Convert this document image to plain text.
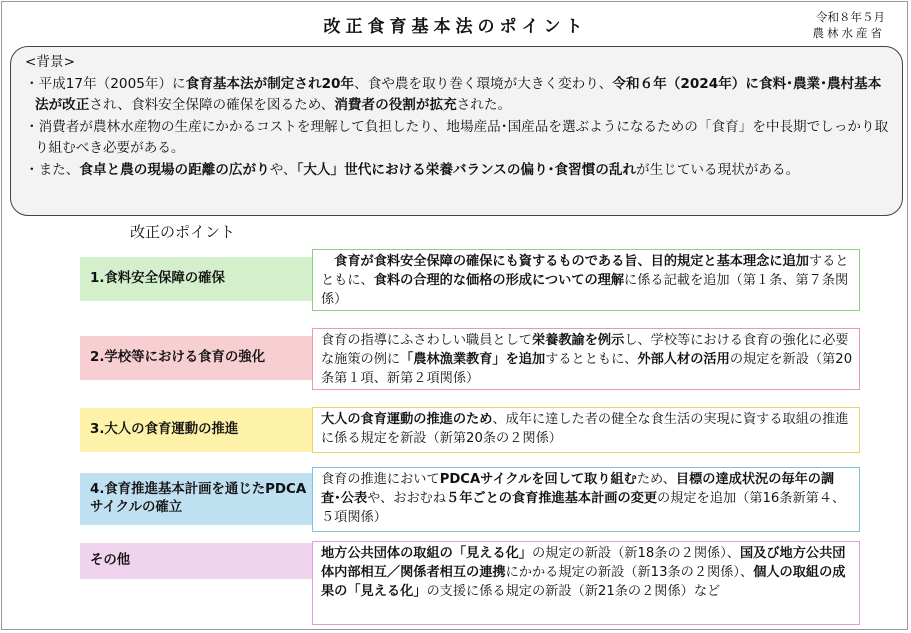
改正食育基本法のポイント	令和８年５月
農林水産省
<背景>
・平成17年（2005年）に食育基本法が制定され20年、食や農を取り巻く環境が大きく変わり、令和６年（2024年）に食料･農業･農村基本法が改正され、食料安全保障の確保を図るため、消費者の役割が拡充された。
・消費者が農林水産物の生産にかかるコストを理解して負担したり、地場産品･国産品を選ぶようになるための「食育」を中長期でしっかり取り組むべき必要がある。
・また、食卓と農の現場の距離の広がりや、「大人」世代における栄養バランスの偏り･食習慣の乱れが生じている現状がある。
改正のポイント
1.食料安全保障の確保
　食育が食料安全保障の確保にも資するものである旨、目的規定と基本理念に追加するとともに、食料の合理的な価格の形成についての理解に係る記載を追加（第１条、第７条関係）
2.学校等における食育の強化
食育の指導にふさわしい職員として栄養教諭を例示し、学校等における食育の強化に必要な施策の例に「農林漁業教育」を追加するとともに、外部人材の活用の規定を新設（第20条第１項、新第２項関係）
3.大人の食育運動の推進
大人の食育運動の推進のため、成年に達した者の健全な食生活の実現に資する取組の推進に係る規定を新設（新第20条の２関係）
4.食育推進基本計画を通じたPDCAサイクルの確立
食育の推進においてPDCAサイクルを回して取り組むため、目標の達成状況の毎年の調査･公表や、おおむね５年ごとの食育推進基本計画の変更の規定を追加（第16条新第４、５項関係）
その他	地方公共団体の取組の「見える化」の規定の新設（新18条の２関係）、国及び地方公共団体内部相互／関係者相互の連携にかかる規定の新設（新13条の２関係）、個人の取組の成果の「見える化」の支援に係る規定の新設（新21条の２関係）など
